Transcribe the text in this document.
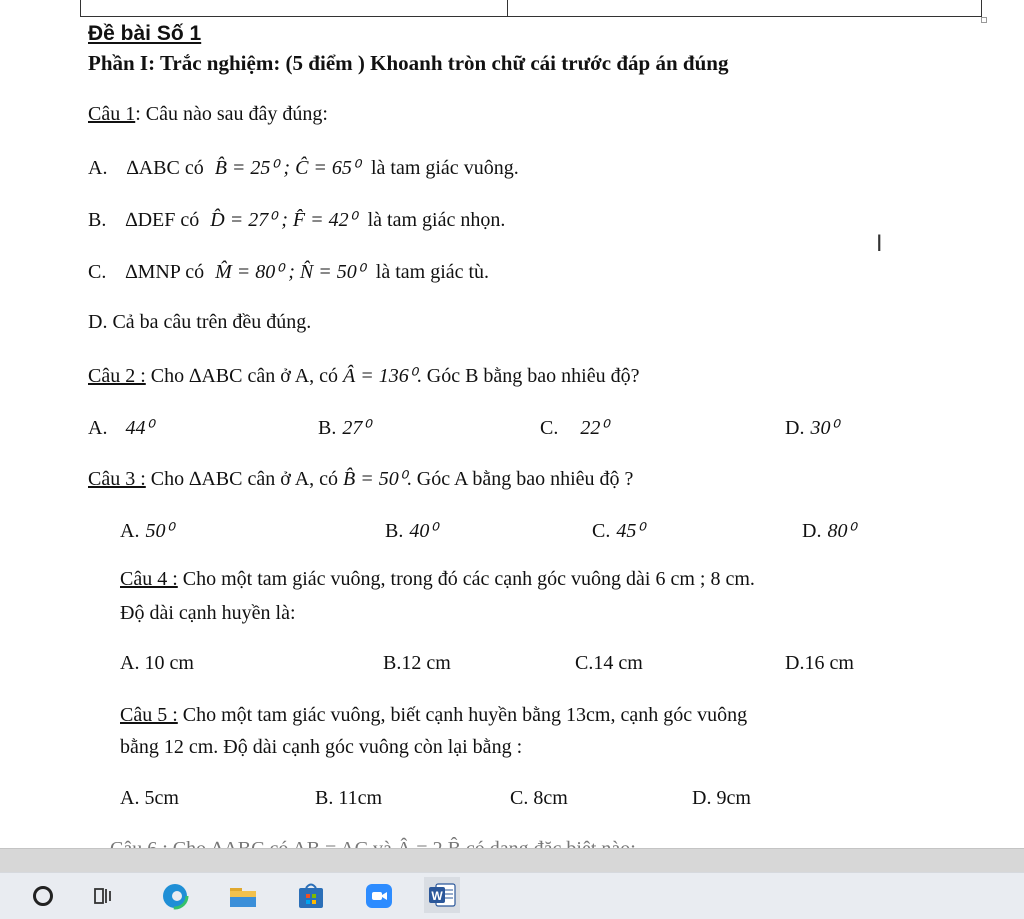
Đề bài Số 1
Phần I: Trắc nghiệm: (5 điểm ) Khoanh tròn chữ cái trước đáp án đúng
Câu 1: Câu nào sau đây đúng:
A. ∆ABC có B̂ = 25⁰ ; Ĉ = 65⁰ là tam giác vuông.
B. ∆DEF có D̂ = 27⁰ ; F̂ = 42⁰ là tam giác nhọn.
C. ∆MNP có M̂ = 80⁰ ; N̂ = 50⁰ là tam giác tù.
D. Cả ba câu trên đều đúng.
I
Câu 2 : Cho ∆ABC cân ở A, có Â = 136⁰. Góc B bằng bao nhiêu độ?
A. 44⁰	B. 27⁰	C. 22⁰	D. 30⁰
Câu 3 : Cho ∆ABC cân ở A, có B̂ = 50⁰. Góc A bằng bao nhiêu độ ?
A. 50⁰	B. 40⁰	C. 45⁰	D. 80⁰
Câu 4 : Cho một tam giác vuông, trong đó các cạnh góc vuông dài 6 cm ; 8 cm.
Độ dài cạnh huyền là:
A. 10 cm	B.12 cm	C.14 cm	D.16 cm
Câu 5 : Cho một tam giác vuông, biết cạnh huyền bằng 13cm, cạnh góc vuông
bằng 12 cm. Độ dài cạnh góc vuông còn lại bằng :
A. 5cm	B. 11cm	C. 8cm	D. 9cm
W
